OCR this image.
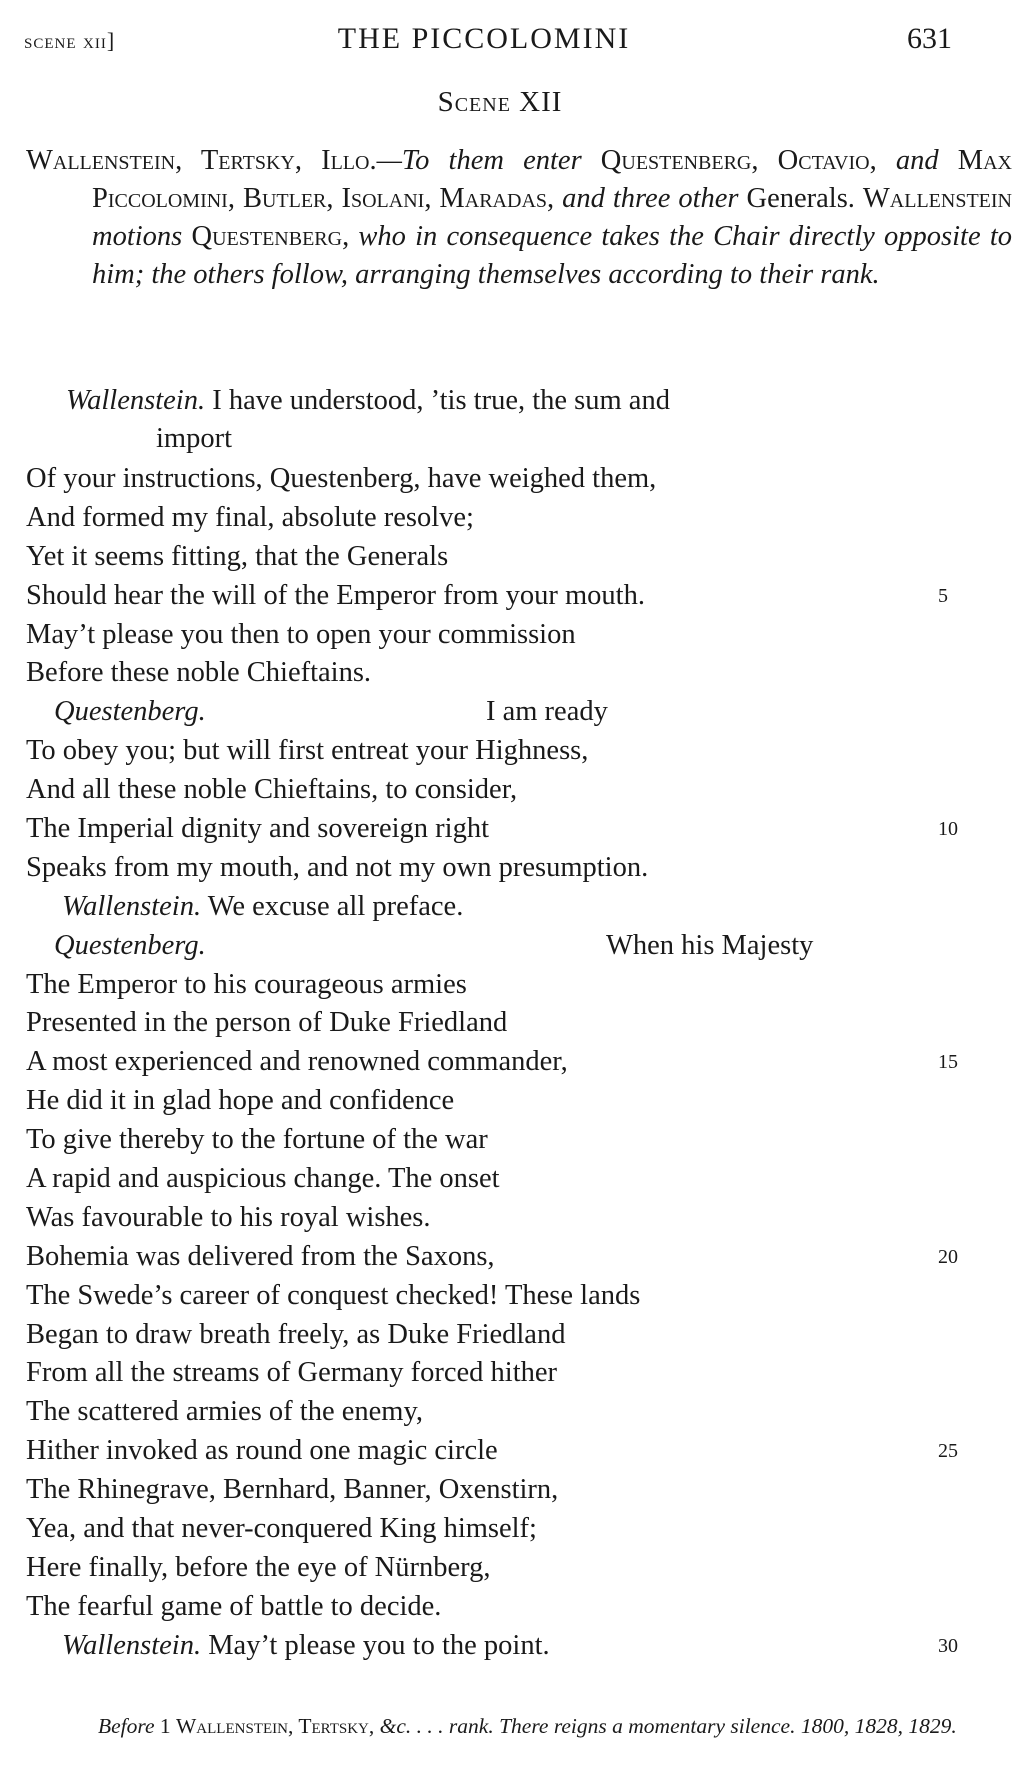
scene xii]	THE PICCOLOMINI	631
Scene XII
Wallenstein, Tertsky, Illo.—To them enter Questenberg, Octavio, and Max Piccolomini, Butler, Isolani, Maradas, and three other Generals. Wallenstein motions Questenberg, who in consequence takes the Chair directly opposite to him; the others follow, arranging themselves according to their rank.
Wallenstein. I have understood, ’tis true, the sum and
import
Of your instructions, Questenberg, have weighed them,
And formed my final, absolute resolve;
Yet it seems fitting, that the Generals
Should hear the will of the Emperor from your mouth.	5
May’t please you then to open your commission
Before these noble Chieftains.
Questenberg.	I am ready
To obey you; but will first entreat your Highness,
And all these noble Chieftains, to consider,
The Imperial dignity and sovereign right	10
Speaks from my mouth, and not my own presumption.
Wallenstein. We excuse all preface.
Questenberg.	When his Majesty
The Emperor to his courageous armies
Presented in the person of Duke Friedland
A most experienced and renowned commander,	15
He did it in glad hope and confidence
To give thereby to the fortune of the war
A rapid and auspicious change. The onset
Was favourable to his royal wishes.
Bohemia was delivered from the Saxons,	20
The Swede’s career of conquest checked! These lands
Began to draw breath freely, as Duke Friedland
From all the streams of Germany forced hither
The scattered armies of the enemy,
Hither invoked as round one magic circle	25
The Rhinegrave, Bernhard, Banner, Oxenstirn,
Yea, and that never-conquered King himself;
Here finally, before the eye of Nürnberg,
The fearful game of battle to decide.
Wallenstein. May’t please you to the point.	30
Before 1 Wallenstein, Tertsky, &c. . . . rank. There reigns a momentary silence. 1800, 1828, 1829.
